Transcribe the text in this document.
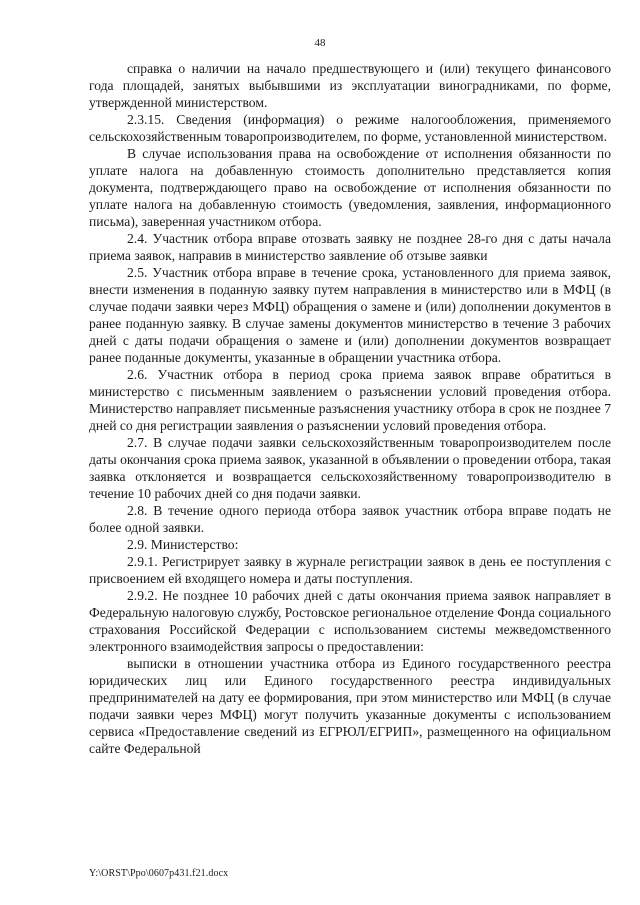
48

справка о наличии на начало предшествующего и (или) текущего финансового года площадей, занятых выбывшими из эксплуатации виноградниками, по форме, утвержденной министерством.

2.3.15. Сведения (информация) о режиме налогообложения, применяемого сельскохозяйственным товаропроизводителем, по форме, установленной министерством.

В случае использования права на освобождение от исполнения обязанности по уплате налога на добавленную стоимость дополнительно представляется копия документа, подтверждающего право на освобождение от исполнения обязанности по уплате налога на добавленную стоимость (уведомления, заявления, информационного письма), заверенная участником отбора.

2.4. Участник отбора вправе отозвать заявку не позднее 28-го дня с даты начала приема заявок, направив в министерство заявление об отзыве заявки

2.5. Участник отбора вправе в течение срока, установленного для приема заявок, внести изменения в поданную заявку путем направления в министерство или в МФЦ (в случае подачи заявки через МФЦ) обращения о замене и (или) дополнении документов в ранее поданную заявку. В случае замены документов министерство в течение 3 рабочих дней с даты подачи обращения о замене и (или) дополнении документов возвращает ранее поданные документы, указанные в обращении участника отбора.

2.6. Участник отбора в период срока приема заявок вправе обратиться в министерство с письменным заявлением о разъяснении условий проведения отбора. Министерство направляет письменные разъяснения участнику отбора в срок не позднее 7 дней со дня регистрации заявления о разъяснении условий проведения отбора.

2.7. В случае подачи заявки сельскохозяйственным товаропроизводителем после даты окончания срока приема заявок, указанной в объявлении о проведении отбора, такая заявка отклоняется и возвращается сельскохозяйственному товаропроизводителю в течение 10 рабочих дней со дня подачи заявки.

2.8. В течение одного периода отбора заявок участник отбора вправе подать не более одной заявки.

2.9. Министерство:

2.9.1. Регистрирует заявку в журнале регистрации заявок в день ее поступления с присвоением ей входящего номера и даты поступления.

2.9.2. Не позднее 10 рабочих дней с даты окончания приема заявок направляет в Федеральную налоговую службу, Ростовское региональное отделение Фонда социального страхования Российской Федерации с использованием системы межведомственного электронного взаимодействия запросы о предоставлении:

выписки в отношении участника отбора из Единого государственного реестра юридических лиц или Единого государственного реестра индивидуальных предпринимателей на дату ее формирования, при этом министерство или МФЦ (в случае подачи заявки через МФЦ) могут получить указанные документы с использованием сервиса «Предоставление сведений из ЕГРЮЛ/ЕГРИП», размещенного на официальном сайте Федеральной

Y:\ORST\Ppo\0607p431.f21.docx
